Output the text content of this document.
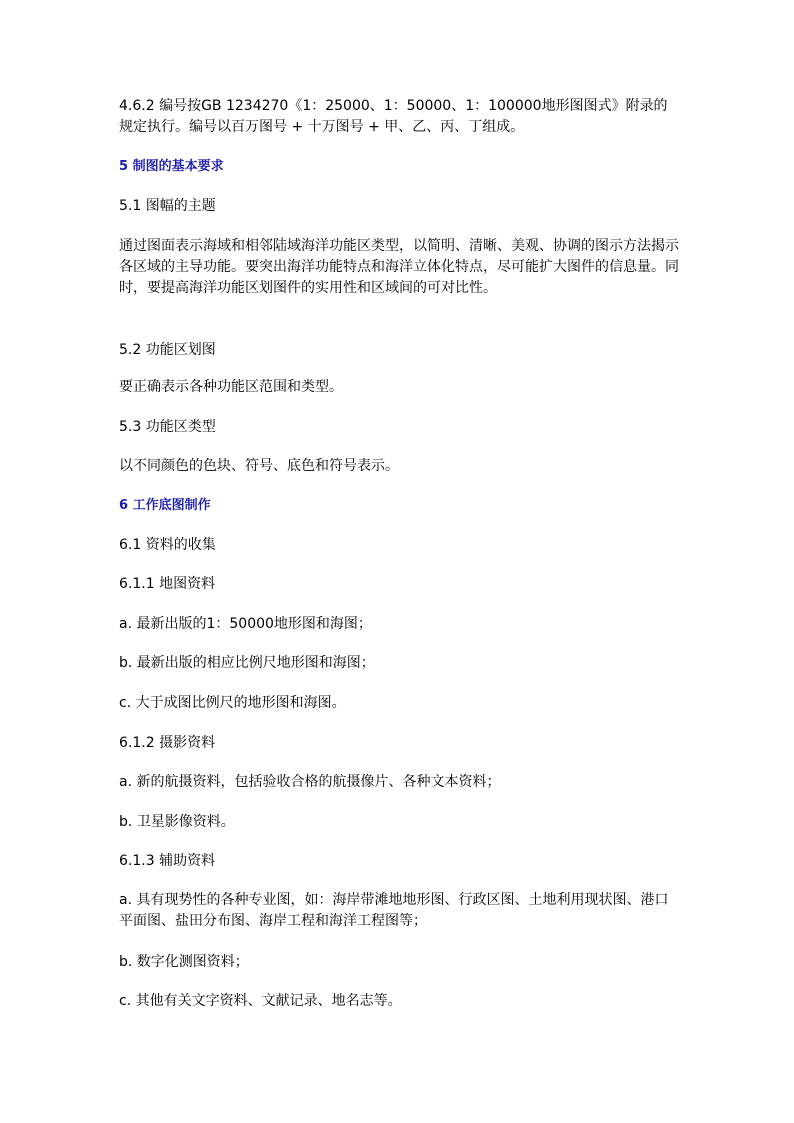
4.6.2 编号按GB 1234270《1：25000、1：50000、1：100000地形图图式》附录的规定执行。编号以百万图号 + 十万图号 + 甲、乙、丙、丁组成。

5 制图的基本要求

5.1 图幅的主题

通过图面表示海域和相邻陆域海洋功能区类型，以简明、清晰、美观、协调的图示方法揭示各区域的主导功能。要突出海洋功能特点和海洋立体化特点，尽可能扩大图件的信息量。同时，要提高海洋功能区划图件的实用性和区域间的可对比性。

5.2 功能区划图

要正确表示各种功能区范围和类型。

5.3 功能区类型

以不同颜色的色块、符号、底色和符号表示。

6 工作底图制作

6.1 资料的收集

6.1.1 地图资料

a. 最新出版的1：50000地形图和海图；

b. 最新出版的相应比例尺地形图和海图；

c. 大于成图比例尺的地形图和海图。

6.1.2 摄影资料

a. 新的航摄资料，包括验收合格的航摄像片、各种文本资料；

b. 卫星影像资料。

6.1.3 辅助资料

a. 具有现势性的各种专业图，如：海岸带滩地地形图、行政区图、土地利用现状图、港口平面图、盐田分布图、海岸工程和海洋工程图等；

b. 数字化测图资料；

c. 其他有关文字资料、文献记录、地名志等。
